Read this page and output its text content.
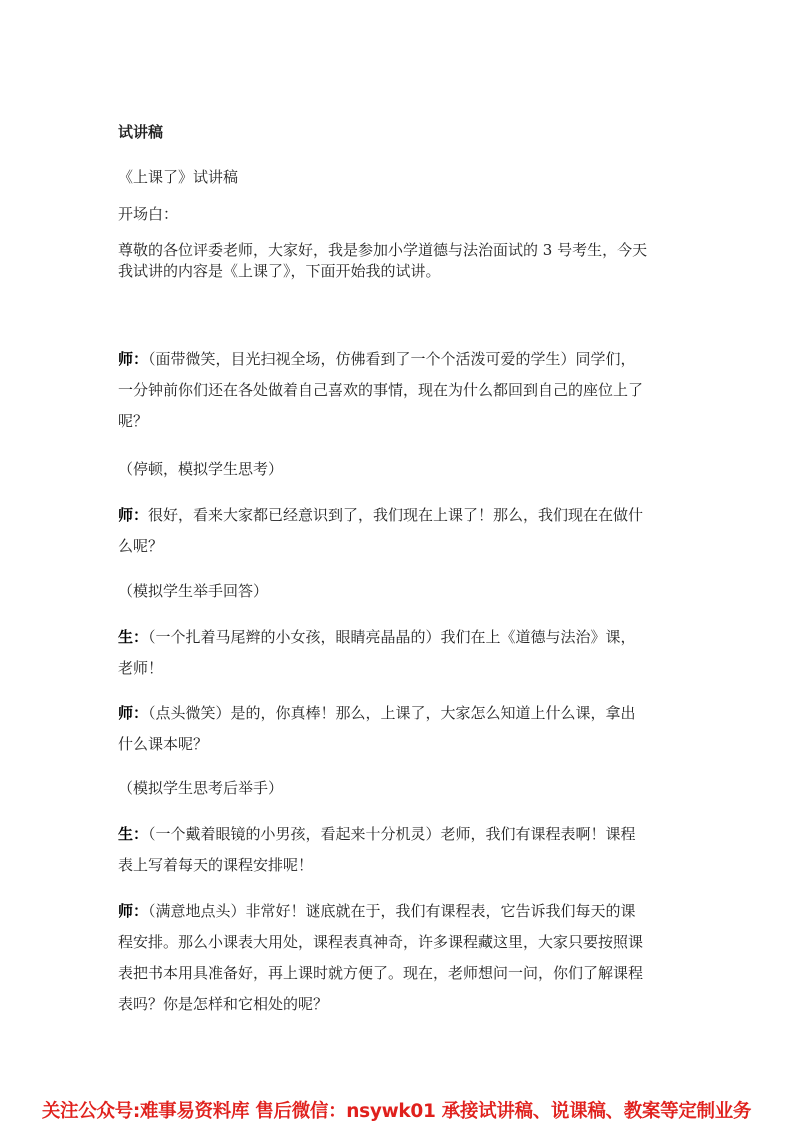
试讲稿
《上课了》试讲稿
开场白：
尊敬的各位评委老师，大家好，我是参加小学道德与法治面试的 3 号考生，今天
我试讲的内容是《上课了》，下面开始我的试讲。
师：（面带微笑，目光扫视全场，仿佛看到了一个个活泼可爱的学生）同学们，
一分钟前你们还在各处做着自己喜欢的事情，现在为什么都回到自己的座位上了
呢？
（停顿，模拟学生思考）
师：很好，看来大家都已经意识到了，我们现在上课了！那么，我们现在在做什
么呢？
（模拟学生举手回答）
生：（一个扎着马尾辫的小女孩，眼睛亮晶晶的）我们在上《道德与法治》课，
老师！
师：（点头微笑）是的，你真棒！那么，上课了，大家怎么知道上什么课，拿出
什么课本呢？
（模拟学生思考后举手）
生：（一个戴着眼镜的小男孩，看起来十分机灵）老师，我们有课程表啊！课程
表上写着每天的课程安排呢！
师：（满意地点头）非常好！谜底就在于，我们有课程表，它告诉我们每天的课
程安排。那么小课表大用处，课程表真神奇，许多课程藏这里，大家只要按照课
表把书本用具准备好，再上课时就方便了。现在，老师想问一问，你们了解课程
表吗？你是怎样和它相处的呢？
关注公众号:难事易资料库 售后微信：nsywk01 承接试讲稿、说课稿、教案等定制业务
